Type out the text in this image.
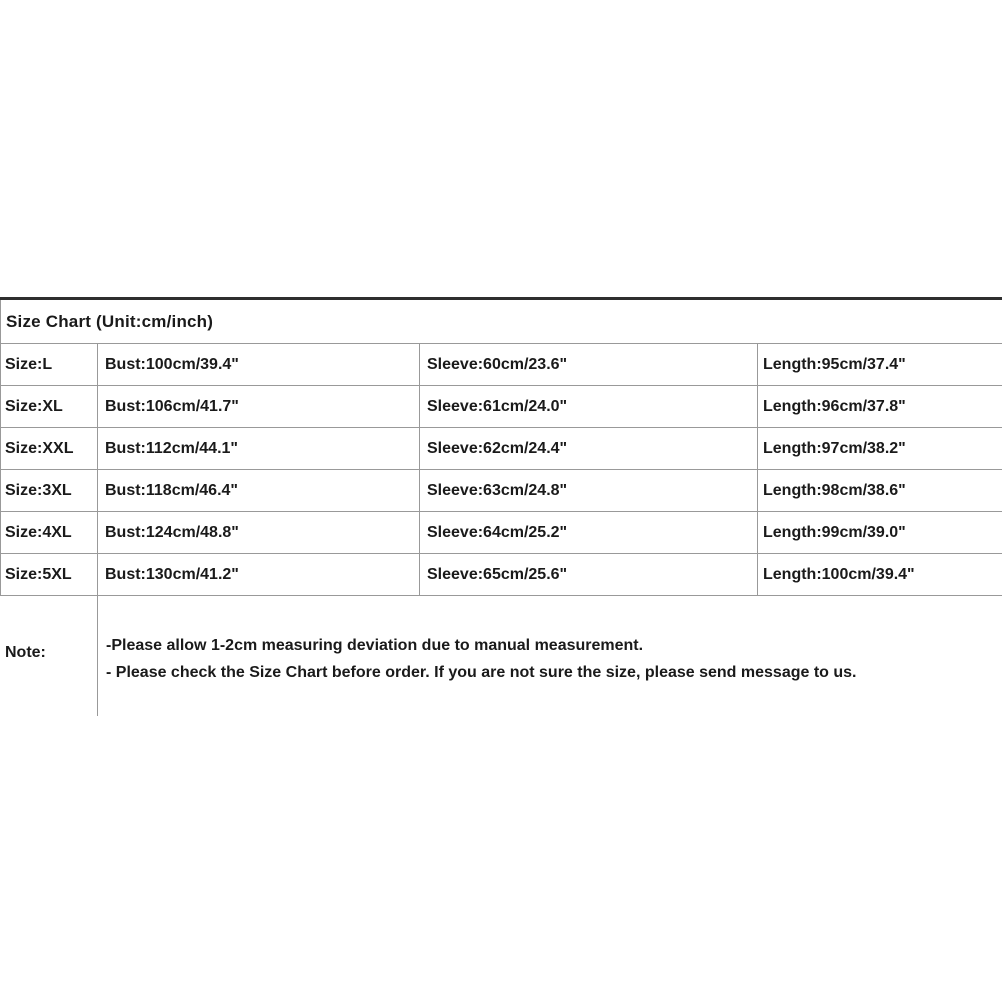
Size Chart (Unit:cm/inch)
Size:L	Bust:100cm/39.4"	Sleeve:60cm/23.6"	Length:95cm/37.4"
Size:XL	Bust:106cm/41.7"	Sleeve:61cm/24.0"	Length:96cm/37.8"
Size:XXL	Bust:112cm/44.1"	Sleeve:62cm/24.4"	Length:97cm/38.2"
Size:3XL	Bust:118cm/46.4"	Sleeve:63cm/24.8"	Length:98cm/38.6"
Size:4XL	Bust:124cm/48.8"	Sleeve:64cm/25.2"	Length:99cm/39.0"
Size:5XL	Bust:130cm/41.2"	Sleeve:65cm/25.6"	Length:100cm/39.4"
Note:	-Please allow 1-2cm measuring deviation due to manual measurement.
- Please check the Size Chart before order. If you are not sure the size, please send message to us.
